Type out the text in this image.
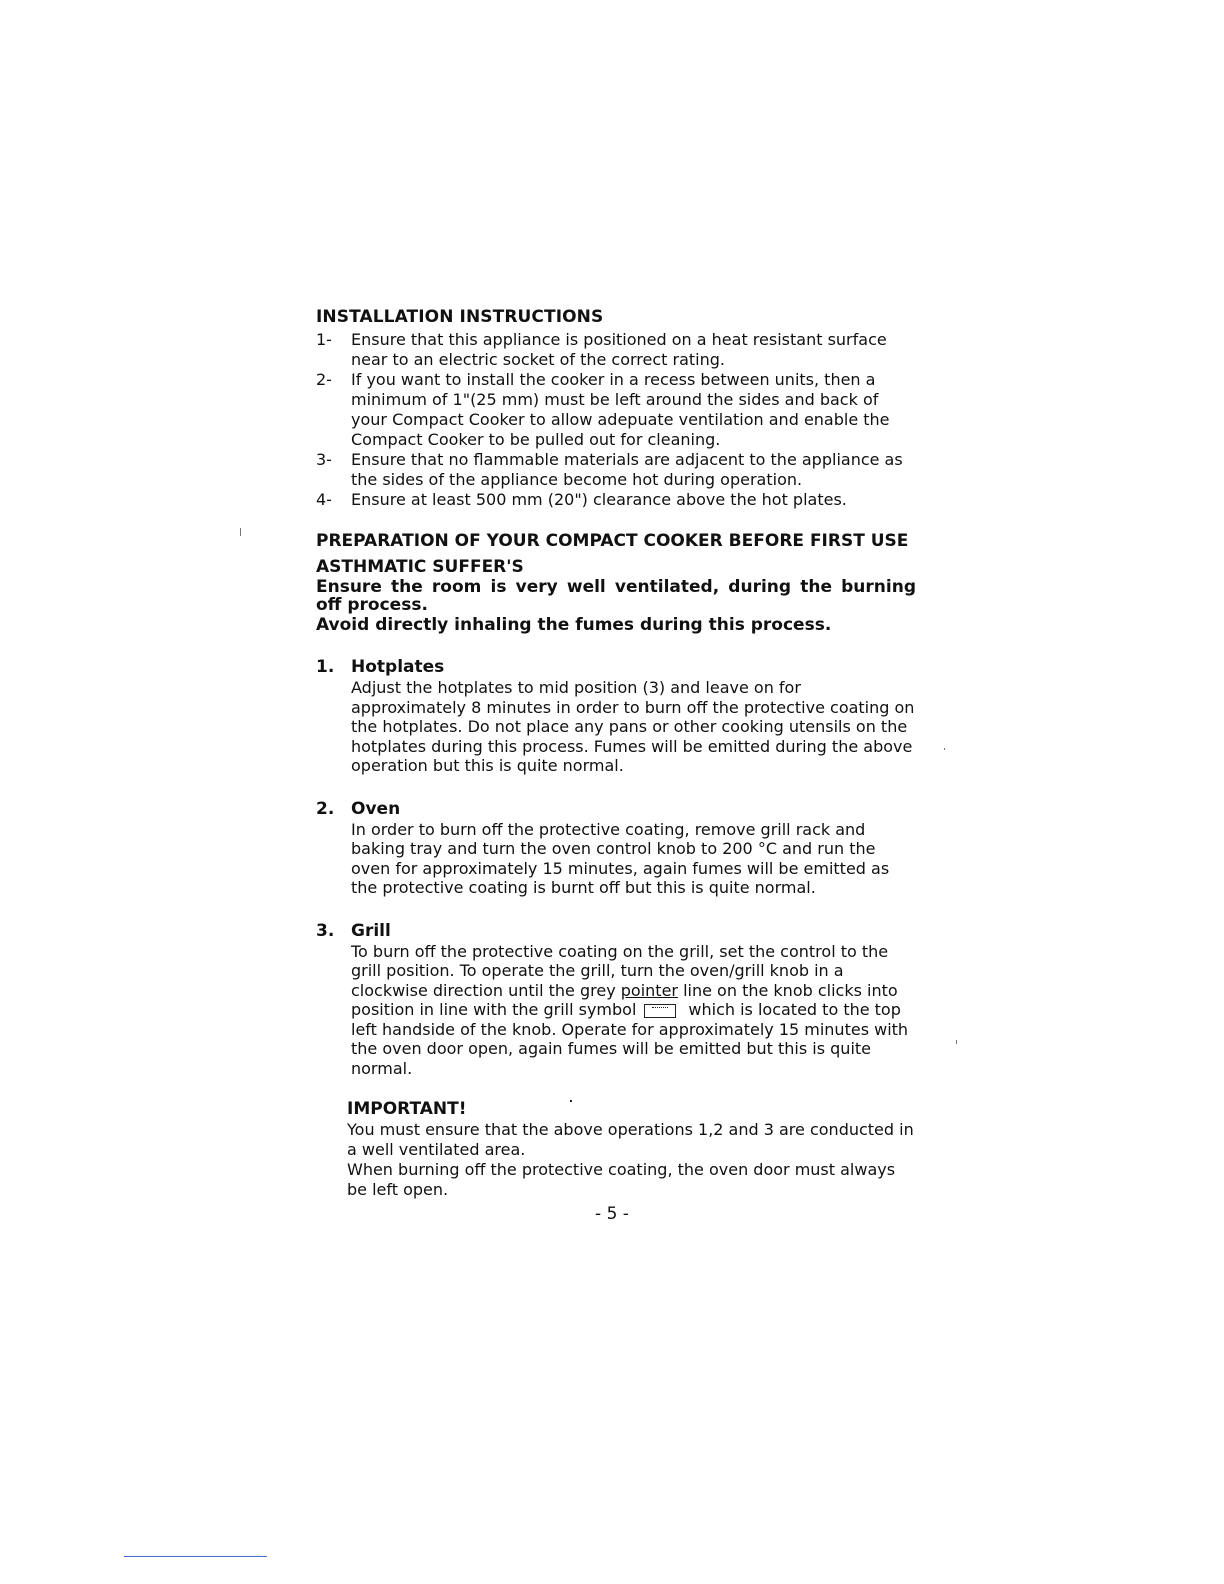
INSTALLATION INSTRUCTIONS
1- Ensure that this appliance is positioned on a heat resistant surface near to an electric socket of the correct rating.
2- If you want to install the cooker in a recess between units, then a minimum of 1"(25 mm) must be left around the sides and back of your Compact Cooker to allow adepuate ventilation and enable the Compact Cooker to be pulled out for cleaning.
3- Ensure that no flammable materials are adjacent to the appliance as the sides of the appliance become hot during operation.
4- Ensure at least 500 mm (20") clearance above the hot plates.
PREPARATION OF YOUR COMPACT COOKER BEFORE FIRST USE
ASTHMATIC SUFFER'S

Ensure the room is very well ventilated, during the burning off process.

Avoid directly inhaling the fumes during this process.

1. Hotplates
Adjust the hotplates to mid position (3) and leave on for approximately 8 minutes in order to burn off the protective coating on the hotplates. Do not place any pans or other cooking utensils on the hotplates during this process. Fumes will be emitted during the above operation but this is quite normal.
2. Oven
In order to burn off the protective coating, remove grill rack and baking tray and turn the oven control knob to 200 °C and run the oven for approximately 15 minutes, again fumes will be emitted as the protective coating is burnt off but this is quite normal.
3. Grill
To burn off the protective coating on the grill, set the control to the grill position. To operate the grill, turn the oven/grill knob in a clockwise direction until the grey pointer line on the knob clicks into position in line with the grill symbol	which is located to the top left handside of the knob. Operate for approximately 15 minutes with the oven door open, again fumes will be emitted but this is quite normal.
IMPORTANT!
You must ensure that the above operations 1,2 and 3 are conducted in a well ventilated area.
When burning off the protective coating, the oven door must always be left open.
- 5 -
